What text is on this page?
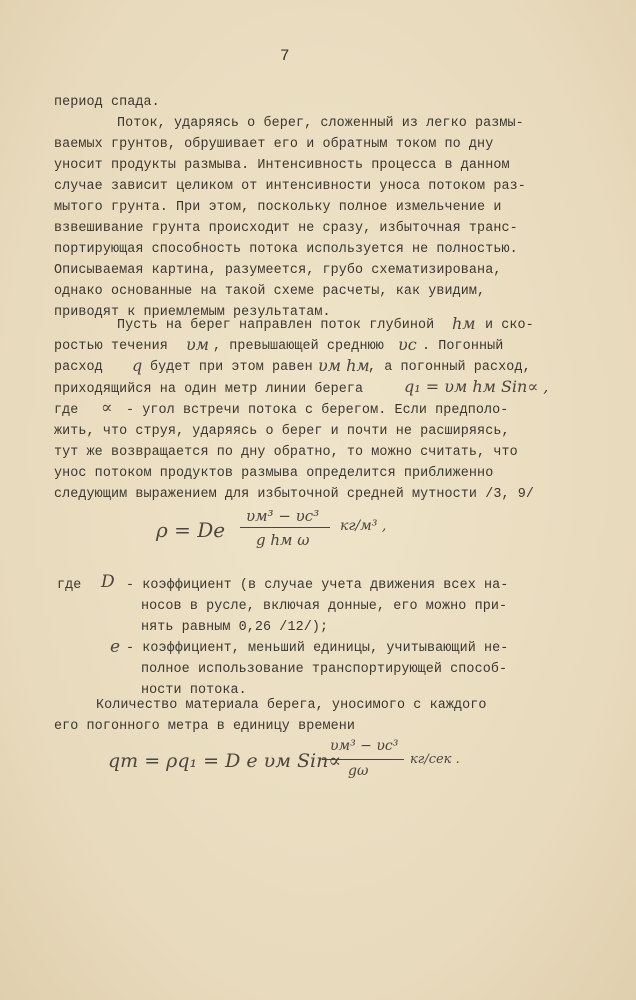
7
период спада.
Поток, ударяясь о берег, сложенный из легко размы-
ваемых грунтов, обрушивает его и обратным током по дну
уносит продукты размыва. Интенсивность процесса в данном
случае зависит целиком от интенсивности уноса потоком раз-
мытого грунта. При этом, поскольку полное измельчение и
взвешивание грунта происходит не сразу, избыточная транс-
портирующая способность потока используется не полностью.
Описываемая картина, разумеется, грубо схематизирована,
однако основанные на такой схеме расчеты, как увидим,
приводят к приемлемым результатам.
Пусть на берег направлен поток глубиной hм и ско-
ростью течения υм , превышающей среднюю υс . Погонный
расход q будет при этом равен υм hм
, а погонный расход,
приходящийся на один метр линии берега	q₁ = υм hм Sin∝ ,
где ∝ - угол встречи потока с берегом. Если предполо-
жить, что струя, ударяясь о берег и почти не расширяясь,
тут же возвращается по дну обратно, то можно считать, что
унос потоком продуктов размыва определится приближенно
следующим выражением для избыточной средней мутности /3, 9/
ρ = De
υм³ − υс³
g hм ω
кг/м³ ,
где D - коэффициент (в случае учета движения всех на-
носов в русле, включая донные, его можно при-
нять равным 0,26 /12/);
e - коэффициент, меньший единицы, учитывающий не-
полное использование транспортирующей способ-
ности потока.
Количество материала берега, уносимого с каждого
его погонного метра в единицу времени
qт = ρq₁ = D e υм Sin∝
υм³ − υс³
gω
кг/сек .
